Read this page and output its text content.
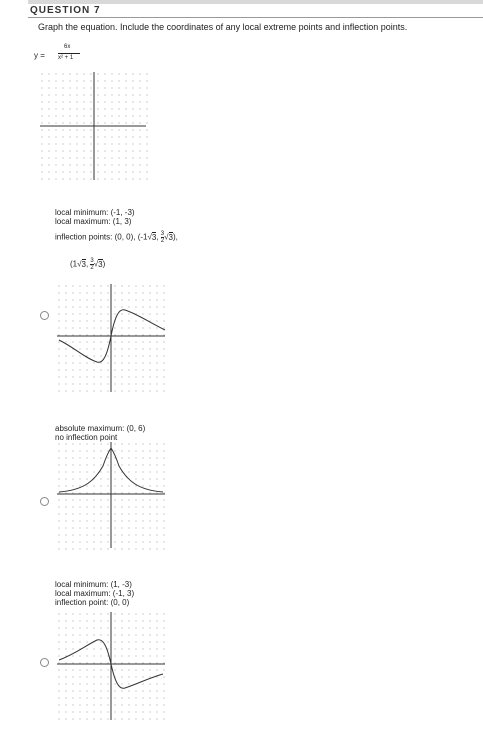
QUESTION 7
Graph the equation. Include the coordinates of any local extreme points and inflection points.
y =
6x
x² + 1
local minimum: (-1, -3)
local maximum: (1, 3)
inflection points: (0, 0), (-1√3, $\frac{3}{2} √3$),
(1√3, $\frac{3}{2} √3$)
absolute maximum: (0, 6)
no inflection point
local minimum: (1, -3)
local maximum: (-1, 3)
inflection point: (0, 0)
